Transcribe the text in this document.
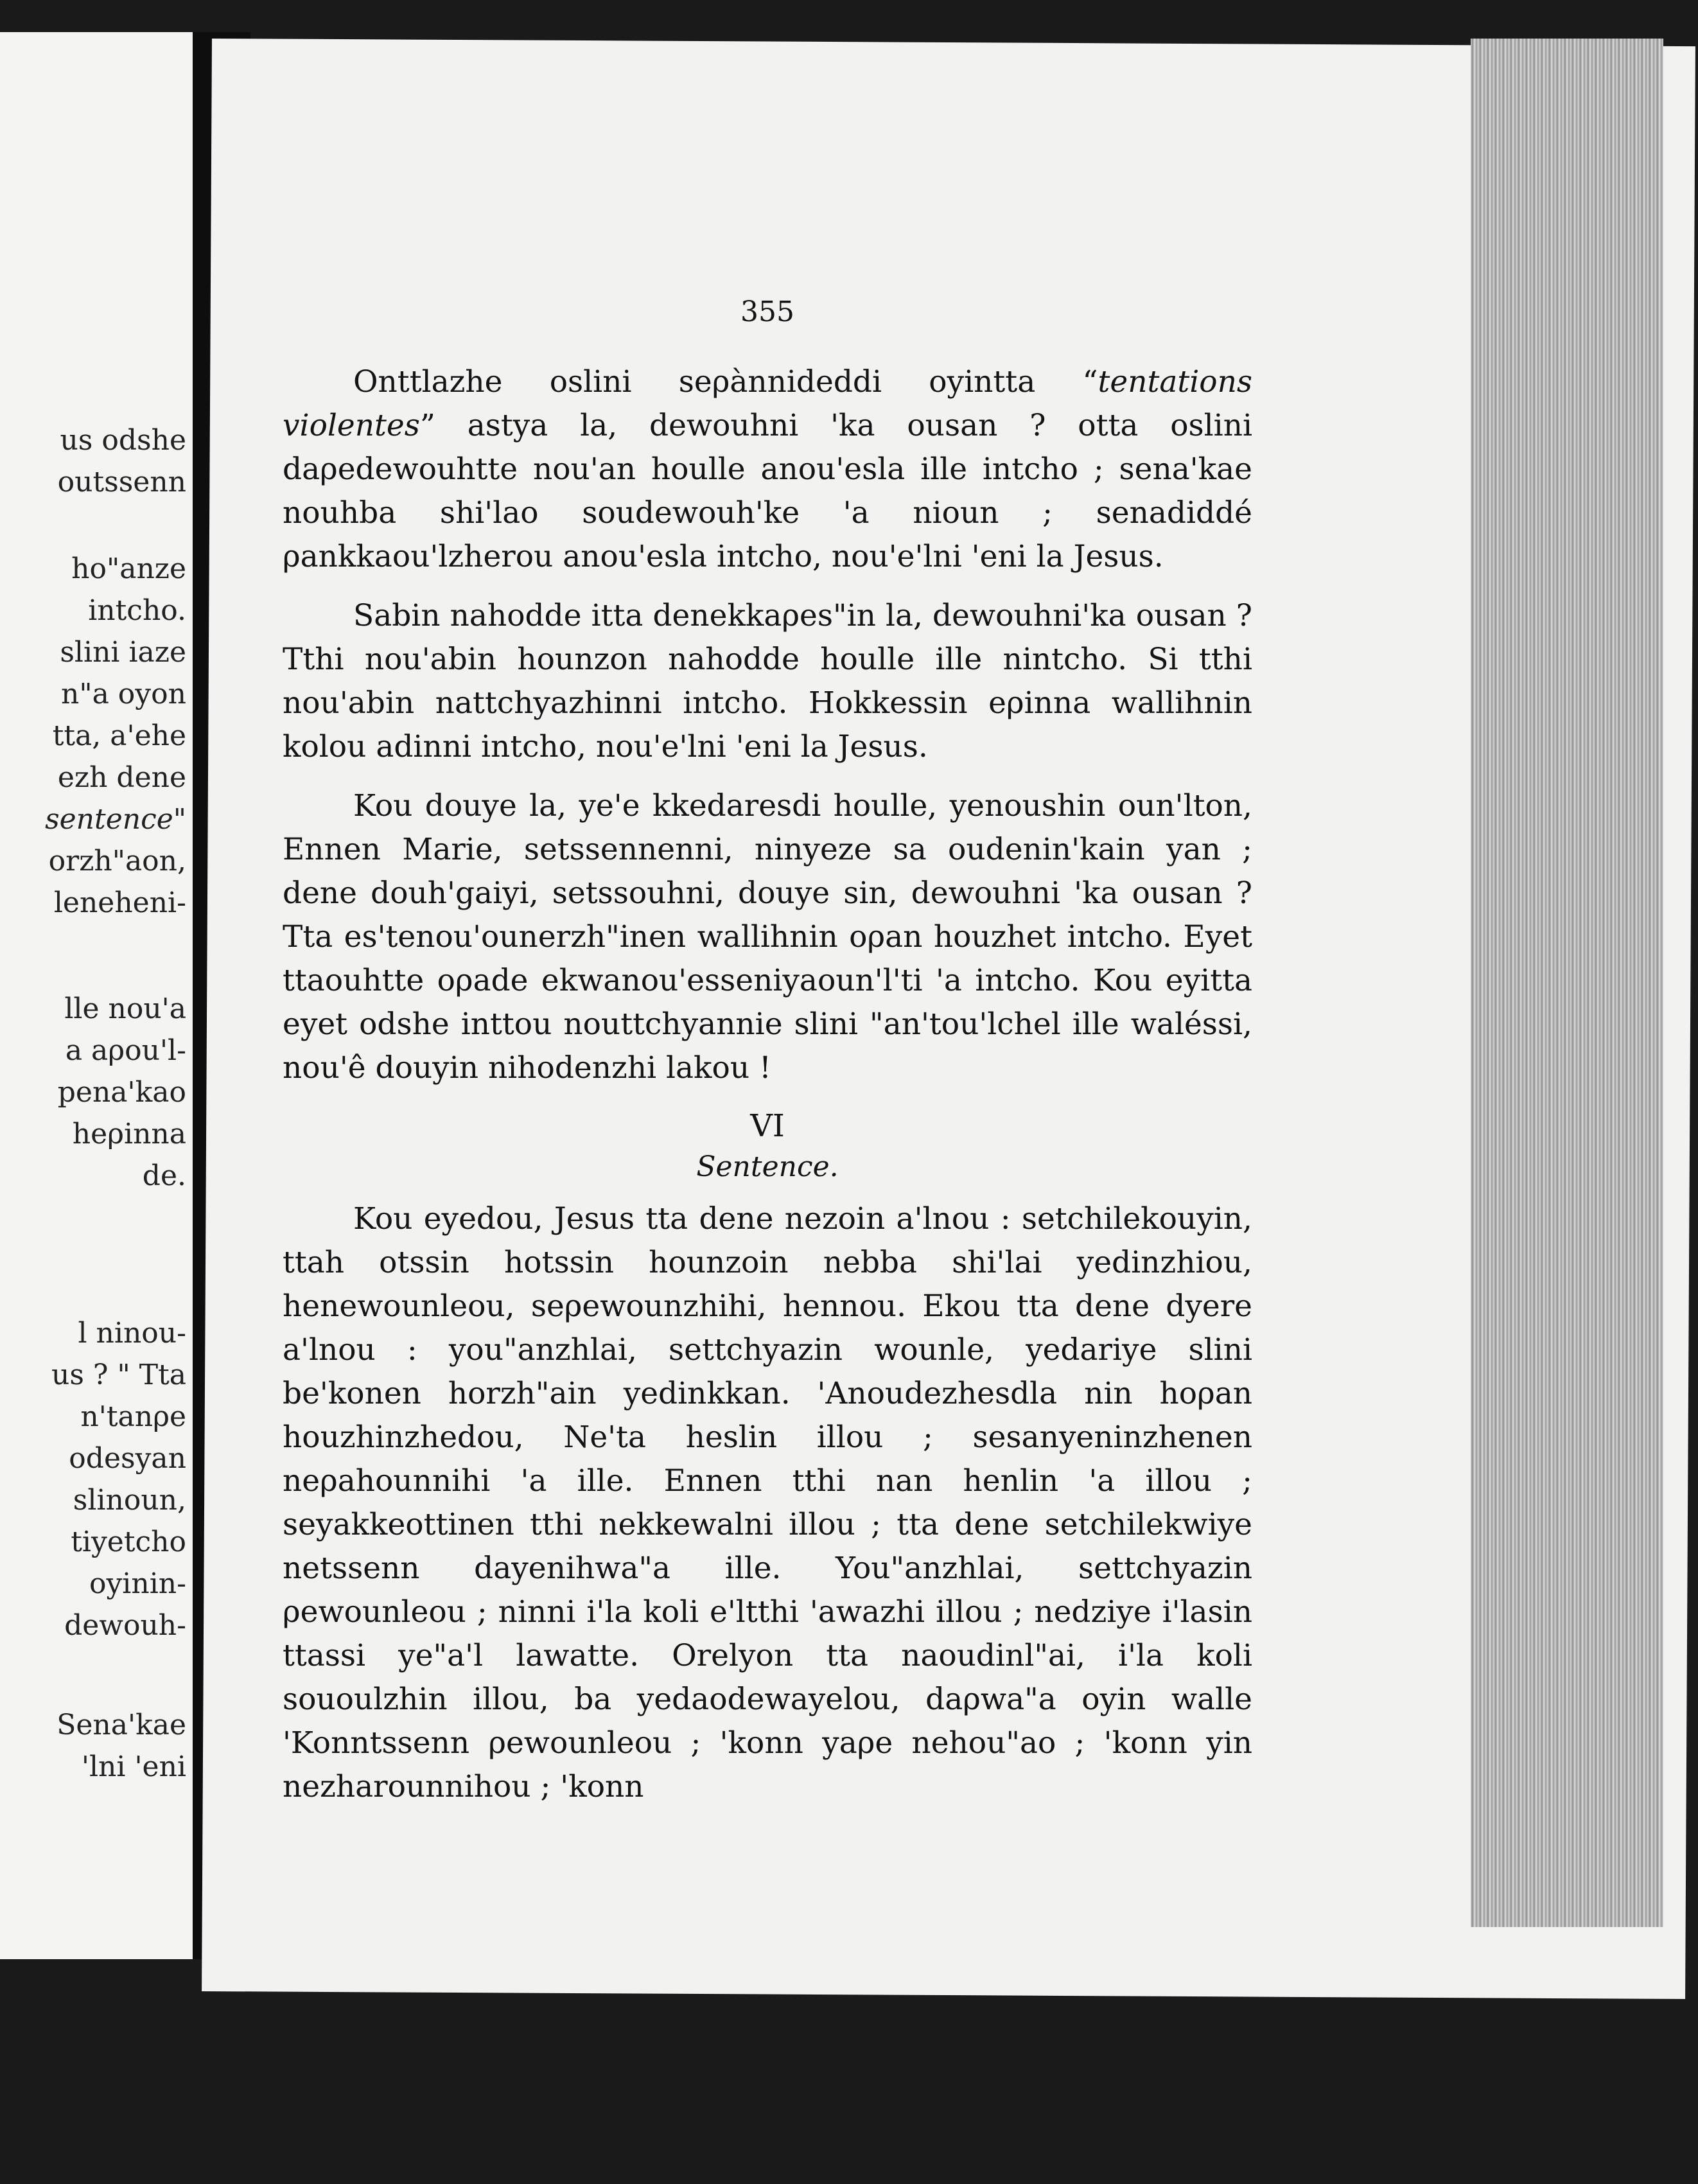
us odshe
outssenn
ho"anze
intcho.
slini iaze
n"a oyon
tta, a'ehe
ezh dene
sentence"
orzh"aon,
leneheni-
lle nou'a
a aρou'l-
pena'kao
heρinna
de.
l ninou-
us ? " Tta
n'tanρe
odesyan
slinoun,
tiyetcho
oyinin-
dewouh-
Sena'kae
'lni 'eni
355

Onttlazhe oslini seρànnideddi oyintta “tentations violentes” astya la, dewouhni 'ka ousan ? otta oslini daρedewouhtte nou'an houlle anou'esla ille intcho ; sena'kae nouhba shi'lao soudewouh'ke 'a nioun ; senadiddé ρankkaou'lzherou anou'esla intcho, nou'e'lni 'eni la Jesus.

Sabin nahodde itta denekkaρes"in la, dewouhni'ka ousan ? Tthi nou'abin hounzon nahodde houlle ille nintcho. Si tthi nou'abin nattchyazhinni intcho. Hokkessin eρinna wallihnin kolou adinni intcho, nou'e'lni 'eni la Jesus.

Kou douye la, ye'e kkedaresdi houlle, yenoushin oun'lton, Ennen Marie, setssennenni, ninyeze sa oudenin'kain yan ; dene douh'gaiyi, setssouhni, douye sin, dewouhni 'ka ousan ? Tta es'tenou'ounerzh"inen wallihnin oρan houzhet intcho. Eyet ttaouhtte oρade ekwanou'esseniyaoun'l'ti 'a intcho. Kou eyitta eyet odshe inttou nouttchyannie slini "an'tou'lchel ille waléssi, nou'ê douyin nihodenzhi lakou !

VI
Sentence.

Kou eyedou, Jesus tta dene nezoin a'lnou : setchilekouyin, ttah otssin hotssin hounzoin nebba shi'lai yedinzhiou, henewounleou, seρewounzhihi, hennou. Ekou tta dene dyere a'lnou : you"anzhlai, settchyazin wounle, yedariye slini be'konen horzh"ain yedinkkan. 'Anoudezhesdla nin hoρan houzhinzhedou, Ne'ta heslin illou ; sesanyeninzhenen neρahounnihi 'a ille. Ennen tthi nan henlin 'a illou ; seyakkeottinen tthi nekkewalni illou ; tta dene setchilekwiye netssenn dayenihwa"a ille. You"anzhlai, settchyazin ρewounleou ; ninni i'la koli e'ltthi 'awazhi illou ; nedziye i'lasin ttassi ye"a'l lawatte. Orelyon tta naoudinl"ai, i'la koli sououlzhin illou, ba yedaodewayelou, daρwa"a oyin walle 'Konntssenn ρewounleou ; 'konn yaρe nehou"ao ; 'konn yin nezharounnihou ; 'konn
